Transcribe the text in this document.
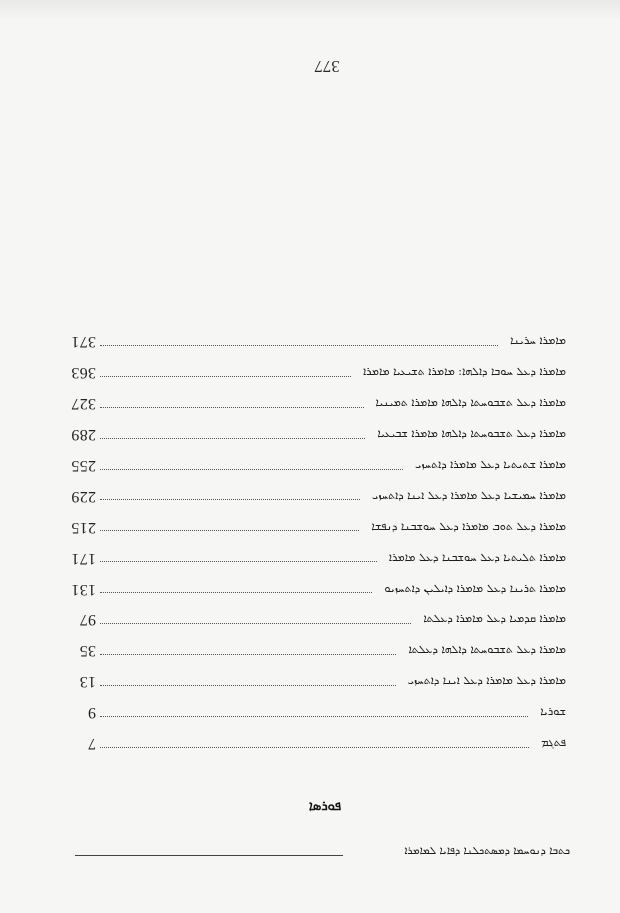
377
371	ܡܐܡܪܐ ܚܪܝܢܐ
363	ܡܐܡܪܐ ܕܥܠ ܚܘܒܐ ܕܐܠܗܐ: ܡܐܡܪܐ ܬܫܝܥܝܐ ܡܐܡܪܐ
327	ܡܐܡܪܐ ܕܥܠ ܬܫܒܘܚܬܐ ܕܐܠܗܐ ܡܐܡܪܐ ܬܡܝܢܝܐ
289	ܡܐܡܪܐ ܕܥܠ ܬܫܒܘܚܬܐ ܕܐܠܗܐ ܡܐܡܪܐ ܫܒܝܥܝܐ
255	ܡܐܡܪܐ ܫܬܝܬܝܐ ܕܥܠ ܡܐܡܪܐ ܕܐܬܚܙܝ
229	ܡܐܡܪܐ ܚܡܝܫܝܐ ܕܥܠ ܡܐܡܪܐ ܕܥܠ ܐܝܢܐ ܕܐܬܚܙܝ
215	ܡܐܡܪܐ ܕܥܠ ܬܘܒ ܡܐܡܪܐ ܕܥܠ ܚܘܫܒܢܐ ܕܢܦܫܐ
171	ܡܐܡܪܐ ܬܠܝܬܝܐ ܕܥܠ ܚܘܫܒܢܐ ܕܥܠ ܡܐܡܪܐ
131	ܡܐܡܪܐ ܬܪܝܢܐ ܕܥܠ ܡܐܡܪܐ ܕܐܝܠܝܢ ܕܐܬܚܙܝܘ
97	ܡܐܡܪܐ ܩܕܡܝܐ ܕܥܠ ܡܐܡܪܐ ܕܥܠܬܐ
35	ܡܐܡܪܐ ܕܥܠ ܬܫܒܘܚܬܐ ܕܐܠܗܐ ܕܥܠܬܐ
13	ܡܐܡܪܐ ܕܥܠ ܡܐܡܪܐ ܕܥܠ ܐܝܢܐ ܕܐܬܚܙܝ
9	ܫܘܪܝܐ
7	ܦܬܓܡ
ܦܘܪܣܐ
ܟܬܒܐ ܕܢܘܚܡܐ ܕܡܣܬܟܠܢܐ ܕܦܐܝܐ ܠܡܐܡܪܐ
